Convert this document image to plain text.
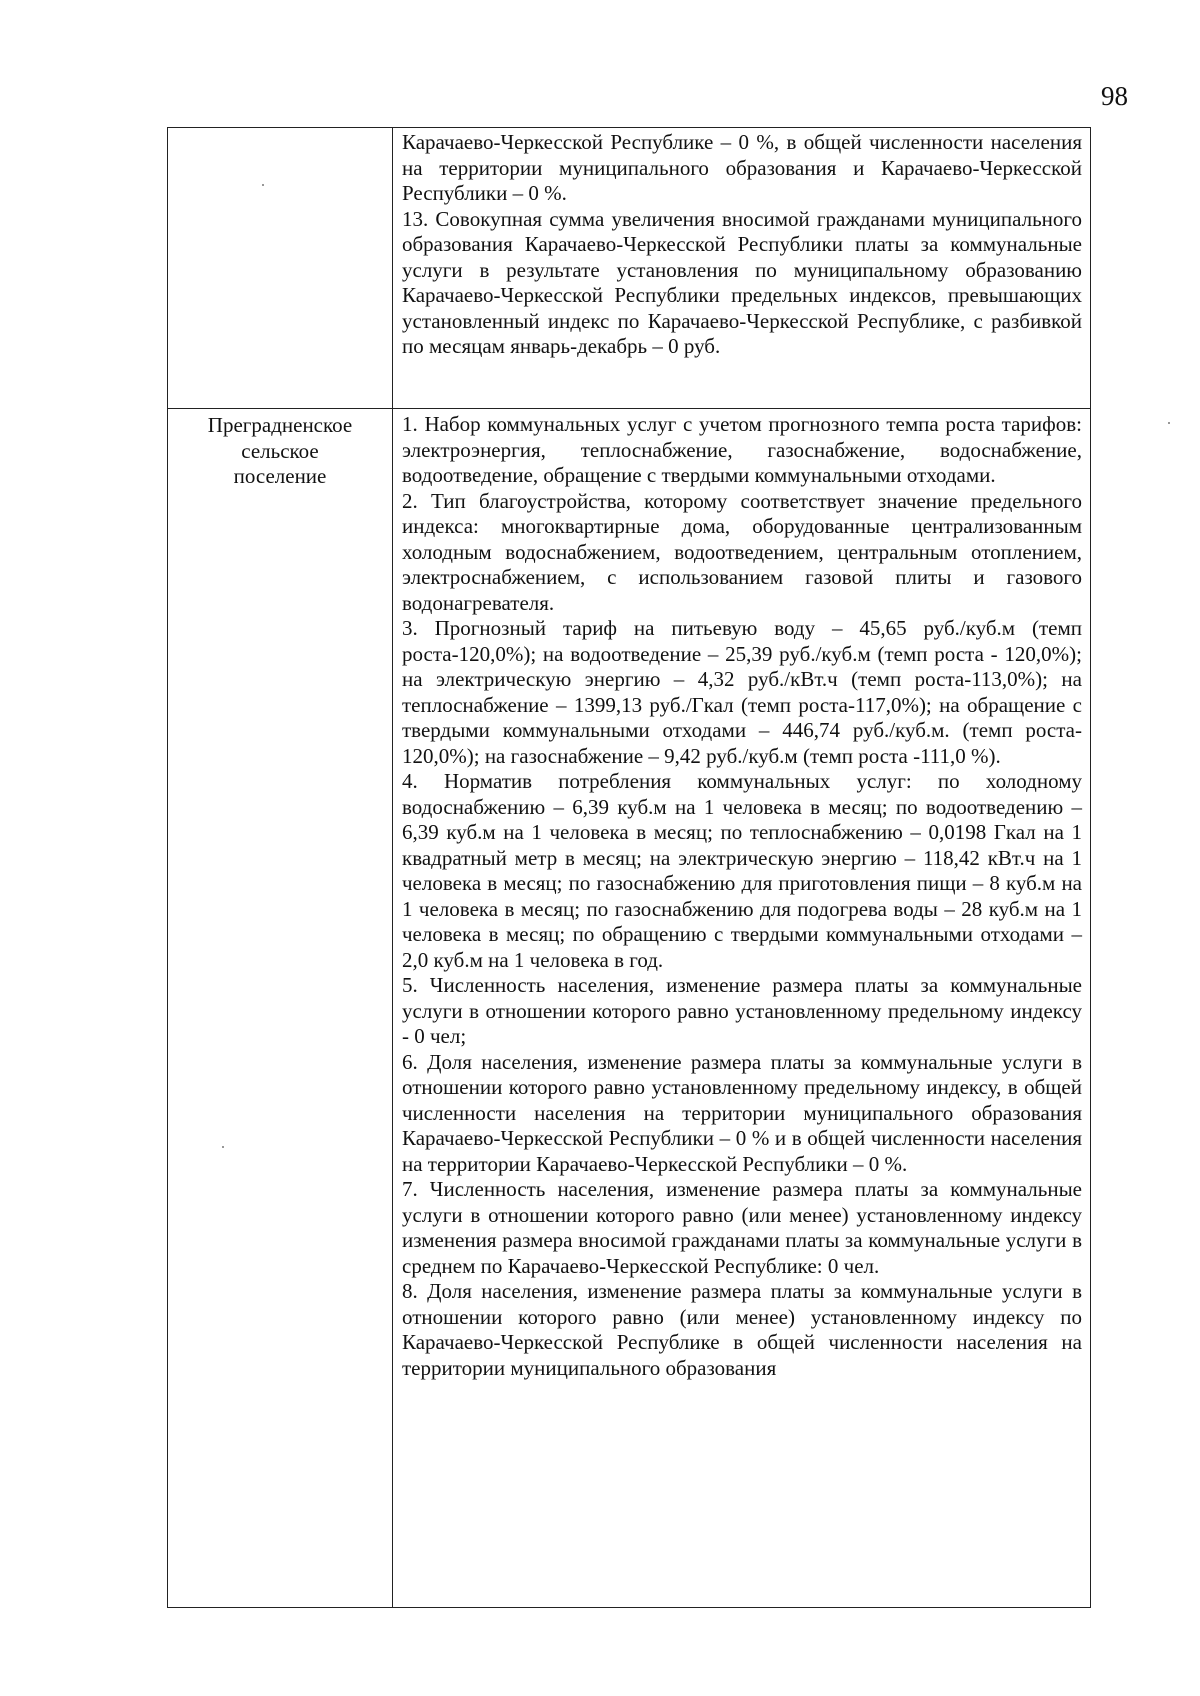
98

Карачаево-Черкесской Республике – 0 %, в общей численности населения на территории муниципального образования и Карачаево-Черкесской Республики – 0 %.

13. Совокупная сумма увеличения вносимой гражданами муниципального образования Карачаево-Черкесской Республики платы за коммунальные услуги в результате установления по муниципальному образованию Карачаево-Черкесской Республики предельных индексов, превышающих установленный индекс по Карачаево-Черкесской Республике, с разбивкой по месяцам январь-декабрь – 0 руб.

Преградненское
сельское
поселение

1. Набор коммунальных услуг с учетом прогнозного темпа роста тарифов: электроэнергия, теплоснабжение, газоснабжение, водоснабжение, водоотведение, обращение с твердыми коммунальными отходами.

2. Тип благоустройства, которому соответствует значение предельного индекса: многоквартирные дома, оборудованные централизованным холодным водоснабжением, водоотведением, центральным отоплением, электроснабжением, с использованием газовой плиты и газового водонагревателя.

3. Прогнозный тариф на питьевую воду – 45,65 руб./куб.м (темп роста-120,0%); на водоотведение – 25,39 руб./куб.м (темп роста - 120,0%); на электрическую энергию – 4,32 руб./кВт.ч (темп роста-113,0%); на теплоснабжение – 1399,13 руб./Гкал (темп роста-117,0%); на обращение с твердыми коммунальными отходами – 446,74 руб./куб.м. (темп роста- 120,0%); на газоснабжение – 9,42 руб./куб.м (темп роста -111,0 %).

4. Норматив потребления коммунальных услуг: по холодному водоснабжению – 6,39 куб.м на 1 человека в месяц; по водоотведению – 6,39 куб.м на 1 человека в месяц; по теплоснабжению – 0,0198 Гкал на 1 квадратный метр в месяц; на электрическую энергию – 118,42 кВт.ч на 1 человека в месяц; по газоснабжению для приготовления пищи – 8 куб.м на 1 человека в месяц; по газоснабжению для подогрева воды – 28 куб.м на 1 человека в месяц; по обращению с твердыми коммунальными отходами – 2,0 куб.м на 1 человека в год.

5. Численность населения, изменение размера платы за коммунальные услуги в отношении которого равно установленному предельному индексу - 0 чел;

6. Доля населения, изменение размера платы за коммунальные услуги в отношении которого равно установленному предельному индексу, в общей численности населения на территории муниципального образования Карачаево-Черкесской Республики – 0 % и в общей численности населения на территории Карачаево-Черкесской Республики – 0 %.

7. Численность населения, изменение размера платы за коммунальные услуги в отношении которого равно (или менее) установленному индексу изменения размера вносимой гражданами платы за коммунальные услуги в среднем по Карачаево-Черкесской Республике: 0 чел.

8. Доля населения, изменение размера платы за коммунальные услуги в отношении которого равно (или менее) установленному индексу по Карачаево-Черкесской Республике в общей численности населения на территории муниципального образования
